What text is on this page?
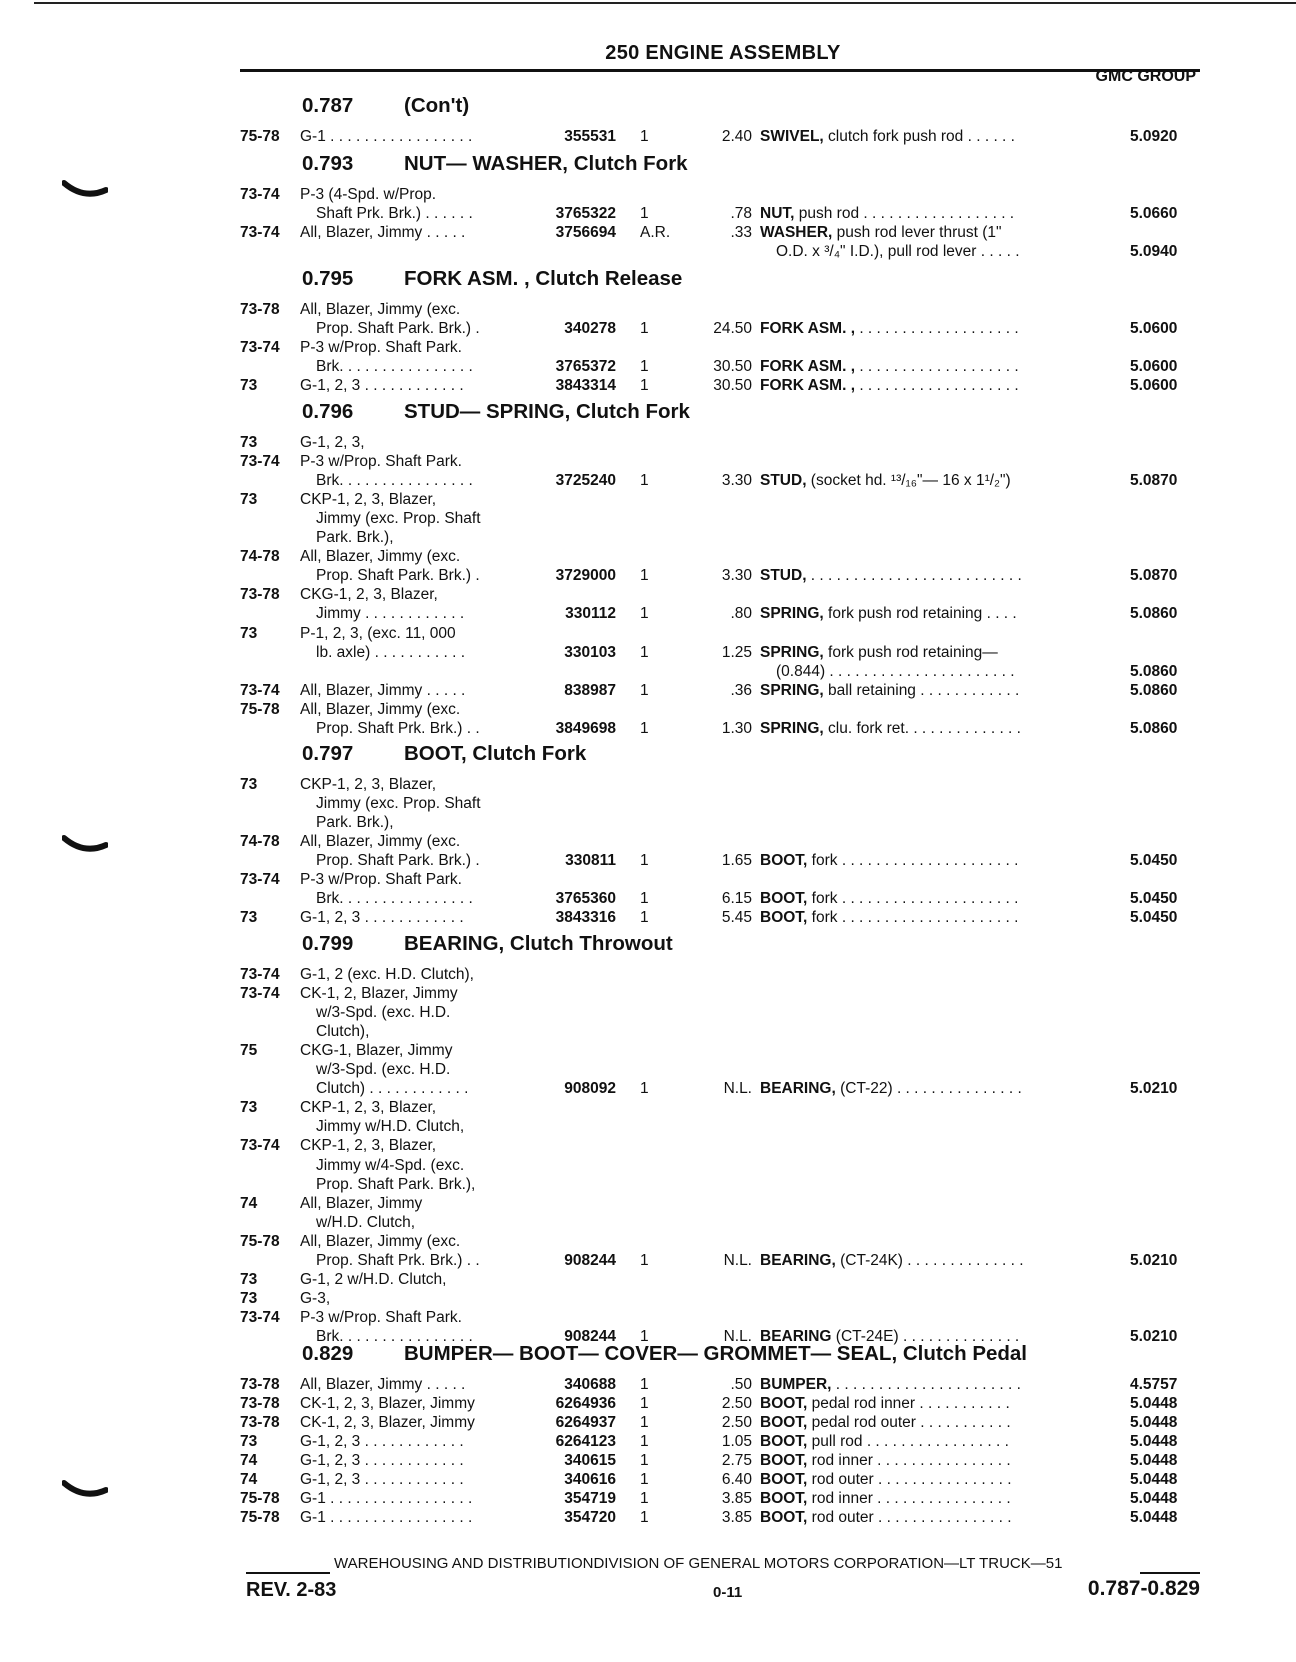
250 ENGINE ASSEMBLY
GMC GROUP
0.787 (Con't)
75-78 G-1 . . . . . . . . . . . . . . . . .	355531 1	2.40 SWIVEL, clutch fork push rod . . . . . .	5.0920
0.793 NUT— WASHER, Clutch Fork
73-74 P-3 (4-Spd. w/Prop.
Shaft Prk. Brk.) . . . . . .	3765322 1	.78 NUT, push rod . . . . . . . . . . . . . . . . . .	5.0660
73-74 All, Blazer, Jimmy . . . . .	3756694 A.R.	.33 WASHER, push rod lever thrust (1"
O.D. x ³/₄" I.D.), pull rod lever . . . . .	5.0940
0.795 FORK ASM. , Clutch Release
73-78 All, Blazer, Jimmy (exc.
Prop. Shaft Park. Brk.) .	340278 1	24.50 FORK ASM. , . . . . . . . . . . . . . . . . . . .	5.0600
73-74 P-3 w/Prop. Shaft Park.
Brk. . . . . . . . . . . . . . . .	3765372 1	30.50 FORK ASM. , . . . . . . . . . . . . . . . . . . .	5.0600
73	G-1, 2, 3 . . . . . . . . . . . .	3843314 1	30.50 FORK ASM. , . . . . . . . . . . . . . . . . . . .	5.0600
0.796 STUD— SPRING, Clutch Fork
73	G-1, 2, 3,
73-74 P-3 w/Prop. Shaft Park.
Brk. . . . . . . . . . . . . . . .	3725240 1	3.30 STUD, (socket hd. ¹³/₁₆"— 16 x 1¹/₂")	5.0870
73	CKP-1, 2, 3, Blazer,
Jimmy (exc. Prop. Shaft
Park. Brk.),
74-78 All, Blazer, Jimmy (exc.
Prop. Shaft Park. Brk.) .	3729000 1	3.30 STUD, . . . . . . . . . . . . . . . . . . . . . . . . .	5.0870
73-78 CKG-1, 2, 3, Blazer,
Jimmy . . . . . . . . . . . .	330112 1	.80 SPRING, fork push rod retaining . . . .	5.0860
73	P-1, 2, 3, (exc. 11, 000
lb. axle) . . . . . . . . . . .	330103 1	1.25 SPRING, fork push rod retaining—
(0.844) . . . . . . . . . . . . . . . . . . . . . .	5.0860
73-74 All, Blazer, Jimmy . . . . .	838987 1	.36 SPRING, ball retaining . . . . . . . . . . . .	5.0860
75-78 All, Blazer, Jimmy (exc.
Prop. Shaft Prk. Brk.) . .	3849698 1	1.30 SPRING, clu. fork ret. . . . . . . . . . . . . .	5.0860
0.797 BOOT, Clutch Fork
73	CKP-1, 2, 3, Blazer,
Jimmy (exc. Prop. Shaft
Park. Brk.),
74-78 All, Blazer, Jimmy (exc.
Prop. Shaft Park. Brk.) .	330811 1	1.65 BOOT, fork . . . . . . . . . . . . . . . . . . . . .	5.0450
73-74 P-3 w/Prop. Shaft Park.
Brk. . . . . . . . . . . . . . . .	3765360 1	6.15 BOOT, fork . . . . . . . . . . . . . . . . . . . . .	5.0450
73	G-1, 2, 3 . . . . . . . . . . . .	3843316 1	5.45 BOOT, fork . . . . . . . . . . . . . . . . . . . . .	5.0450
0.799 BEARING, Clutch Throwout
73-74 G-1, 2 (exc. H.D. Clutch),
73-74 CK-1, 2, Blazer, Jimmy
w/3-Spd. (exc. H.D.
Clutch),
75	CKG-1, Blazer, Jimmy
w/3-Spd. (exc. H.D.
Clutch) . . . . . . . . . . . .	908092 1	N.L. BEARING, (CT-22) . . . . . . . . . . . . . . .	5.0210
73	CKP-1, 2, 3, Blazer,
Jimmy w/H.D. Clutch,
73-74 CKP-1, 2, 3, Blazer,
Jimmy w/4-Spd. (exc.
Prop. Shaft Park. Brk.),
74	All, Blazer, Jimmy
w/H.D. Clutch,
75-78 All, Blazer, Jimmy (exc.
Prop. Shaft Prk. Brk.) . .	908244 1	N.L. BEARING, (CT-24K) . . . . . . . . . . . . . .	5.0210
73	G-1, 2 w/H.D. Clutch,
73	G-3,
73-74 P-3 w/Prop. Shaft Park.
Brk. . . . . . . . . . . . . . . .	908244 1	N.L. BEARING (CT-24E) . . . . . . . . . . . . . .	5.0210
0.829 BUMPER— BOOT— COVER— GROMMET— SEAL, Clutch Pedal
73-78 All, Blazer, Jimmy . . . . .	340688 1	.50 BUMPER, . . . . . . . . . . . . . . . . . . . . . .	4.5757
73-78 CK-1, 2, 3, Blazer, Jimmy	6264936 1	2.50 BOOT, pedal rod inner . . . . . . . . . . .	5.0448
73-78 CK-1, 2, 3, Blazer, Jimmy	6264937 1	2.50 BOOT, pedal rod outer . . . . . . . . . . .	5.0448
73	G-1, 2, 3 . . . . . . . . . . . .	6264123 1	1.05 BOOT, pull rod . . . . . . . . . . . . . . . . .	5.0448
74	G-1, 2, 3 . . . . . . . . . . . .	340615 1	2.75 BOOT, rod inner . . . . . . . . . . . . . . . .	5.0448
74	G-1, 2, 3 . . . . . . . . . . . .	340616 1	6.40 BOOT, rod outer . . . . . . . . . . . . . . . .	5.0448
75-78 G-1 . . . . . . . . . . . . . . . . .	354719 1	3.85 BOOT, rod inner . . . . . . . . . . . . . . . .	5.0448
75-78 G-1 . . . . . . . . . . . . . . . . .	354720 1	3.85 BOOT, rod outer . . . . . . . . . . . . . . . .	5.0448
WAREHOUSING AND DISTRIBUTIONDIVISION OF GENERAL MOTORS CORPORATION—LT TRUCK—51
REV. 2-83	0-11	0.787-0.829
